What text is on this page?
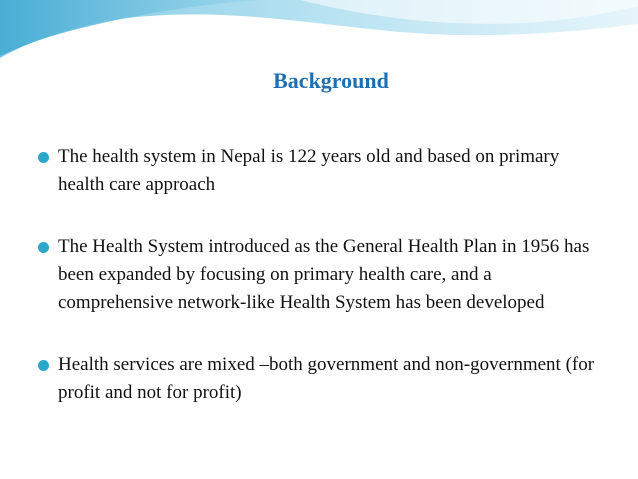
Background
The health system in Nepal is 122 years old and based on primary health care approach
The Health System introduced as the General Health Plan in 1956 has been expanded by focusing on primary health care, and a comprehensive network-like Health System has been developed
Health services are mixed –both government and non-government (for profit and not for profit)
